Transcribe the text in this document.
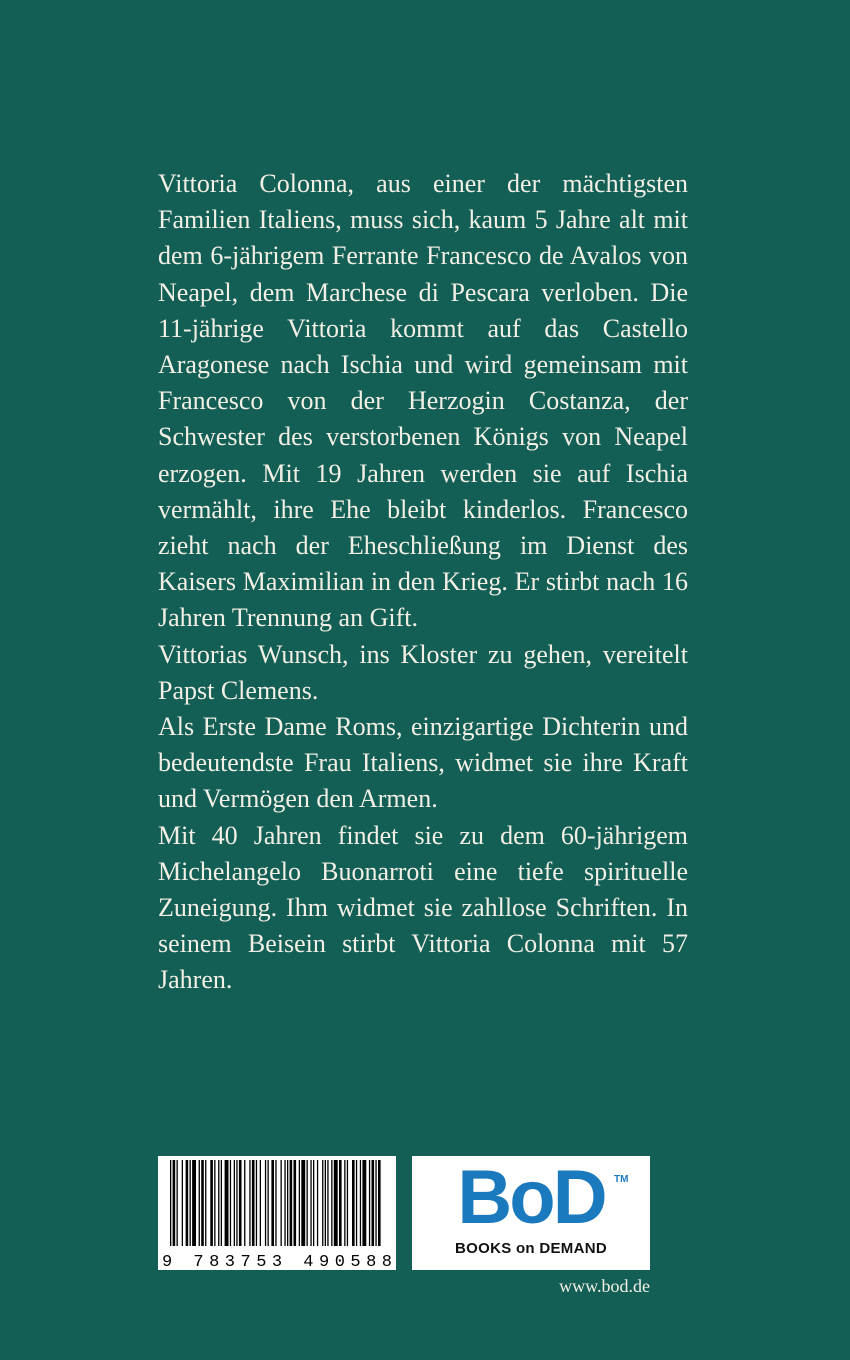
Vittoria Colonna, aus einer der mächtigsten Familien Italiens, muss sich, kaum 5 Jahre alt mit dem 6-jährigem Ferrante Francesco de Avalos von Neapel, dem Marchese di Pescara verloben. Die 11-jährige Vittoria kommt auf das Castello Aragonese nach Ischia und wird gemeinsam mit Francesco von der Herzogin Costanza, der Schwester des verstorbenen Königs von Neapel erzogen. Mit 19 Jahren werden sie auf Ischia vermählt, ihre Ehe bleibt kinderlos. Francesco zieht nach der Eheschließung im Dienst des Kaisers Maximilian in den Krieg. Er stirbt nach 16 Jahren Trennung an Gift.

Vittorias Wunsch, ins Kloster zu gehen, vereitelt Papst Clemens.

Als Erste Dame Roms, einzigartige Dichterin und bedeutendste Frau Italiens, widmet sie ihre Kraft und Vermögen den Armen.

Mit 40 Jahren findet sie zu dem 60-jährigem Michelangelo Buonarroti eine tiefe spirituelle Zuneigung. Ihm widmet sie zahllose Schriften. In seinem Beisein stirbt Vittoria Colonna mit 57 Jahren.

9 783753 490588
BoD TM
BOOKS on DEMAND
www.bod.de
